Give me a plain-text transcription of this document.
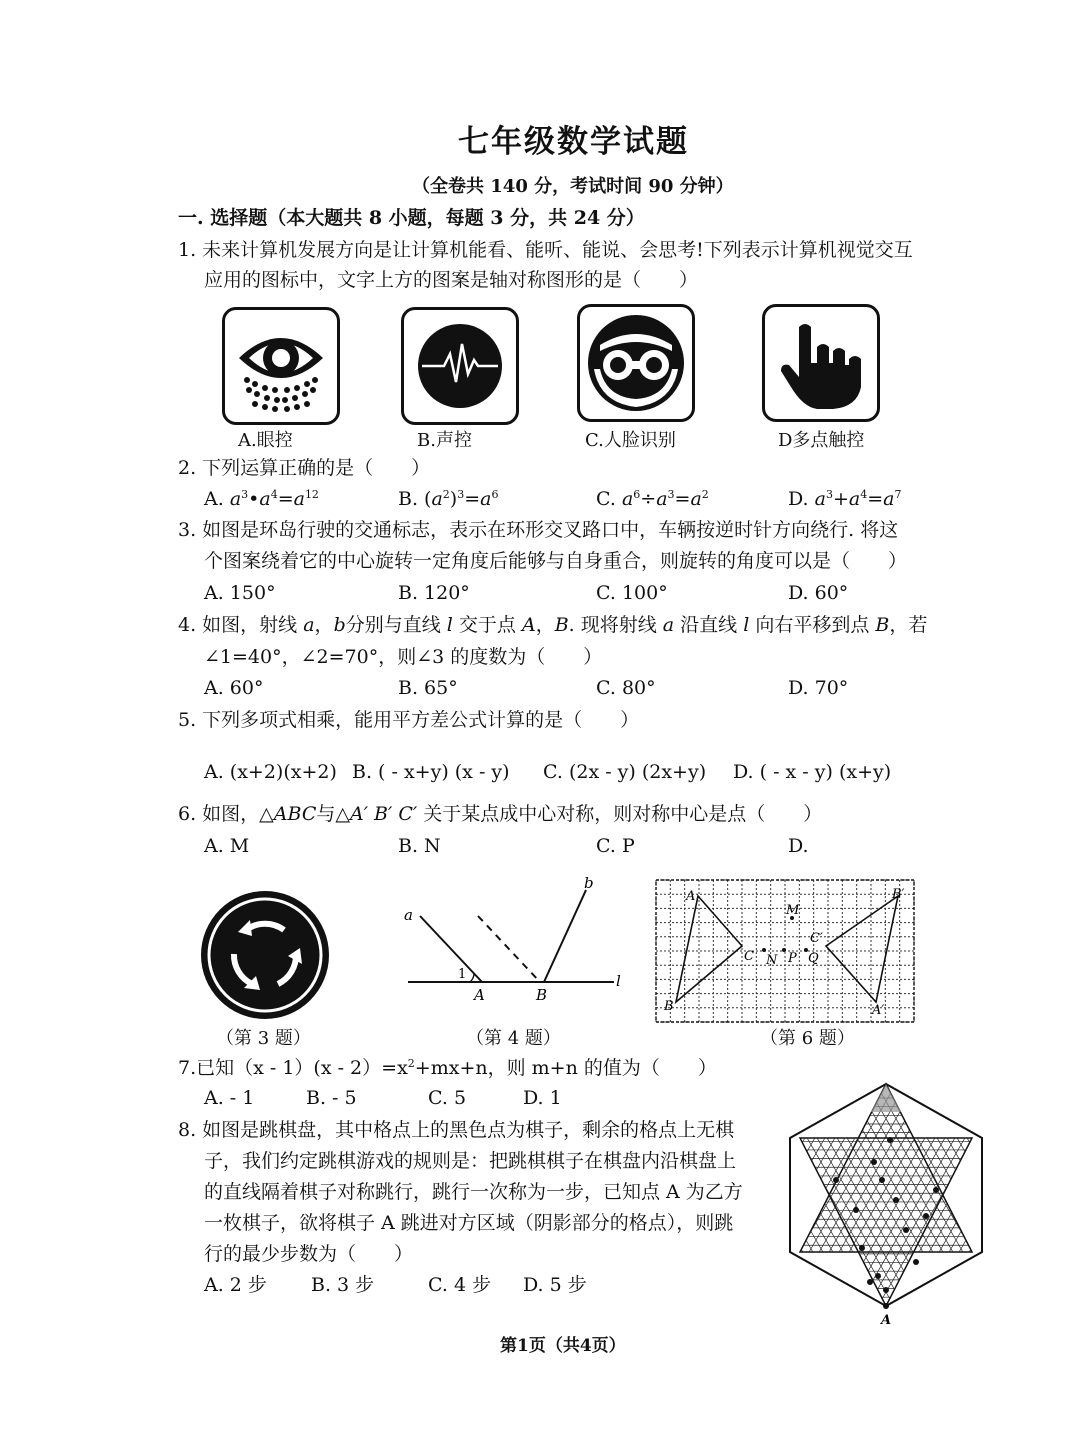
七年级数学试题
（全卷共 140 分，考试时间 90 分钟）
一. 选择题（本大题共 8 小题，每题 3 分，共 24 分）
1. 未来计算机发展方向是让计算机能看、能听、能说、会思考!下列表示计算机视觉交互
应用的图标中，文字上方的图案是轴对称图形的是（　　）
A.眼控	B.声控	C.人脸识别	D多点触控
2. 下列运算正确的是（　　）
A. $a^3•a^4=a^{12}$	B. $(a^2)^3=a^6$	C. $a^6\div a^3=a^2$	D. $a^3+a^4=a^7$
3. 如图是环岛行驶的交通标志，表示在环形交叉路口中，车辆按逆时针方向绕行. 将这
个图案绕着它的中心旋转一定角度后能够与自身重合，则旋转的角度可以是（　　）
A. 150°	B. 120°	C. 100°	D. 60°
4. 如图，射线 a，b分别与直线 l 交于点 A，B. 现将射线 a 沿直线 l 向右平移到点 B，若
∠1=40°，∠2=70°，则∠3 的度数为（　　）
A. 60°	B. 65°	C. 80°	D. 70°
5. 下列多项式相乘，能用平方差公式计算的是（　　）
A. (x+2)(x+2) B. ( - x+y) (x - y) C. (2x - y) (2x+y) D. ( - x - y) (x+y)
6. 如图，△ABC与△A′ B′ C′ 关于某点成中心对称，则对称中心是点（　　）
A. M	B. N	C. P	D.
（第 3 题）
a
b
l
A	B
1
（第 4 题）
A
B
C
A′
B′
C′
M
N P Q
（第 6 题）
7.已知$(x - 1)(x - 2)=x^2+mx+n$，则 m+n 的值为（　　）
A. - 1	B. - 5	C. 5	D. 1
8. 如图是跳棋盘，其中格点上的黑色点为棋子，剩余的格点上无棋
子，我们约定跳棋游戏的规则是：把跳棋棋子在棋盘内沿棋盘上
的直线隔着棋子对称跳行，跳行一次称为一步，已知点 A 为乙方
一枚棋子，欲将棋子 A 跳进对方区域（阴影部分的格点），则跳
行的最少步数为（　　）
A. 2 步 B. 3 步	C. 4 步 D. 5 步
A
第1页（共4页）
